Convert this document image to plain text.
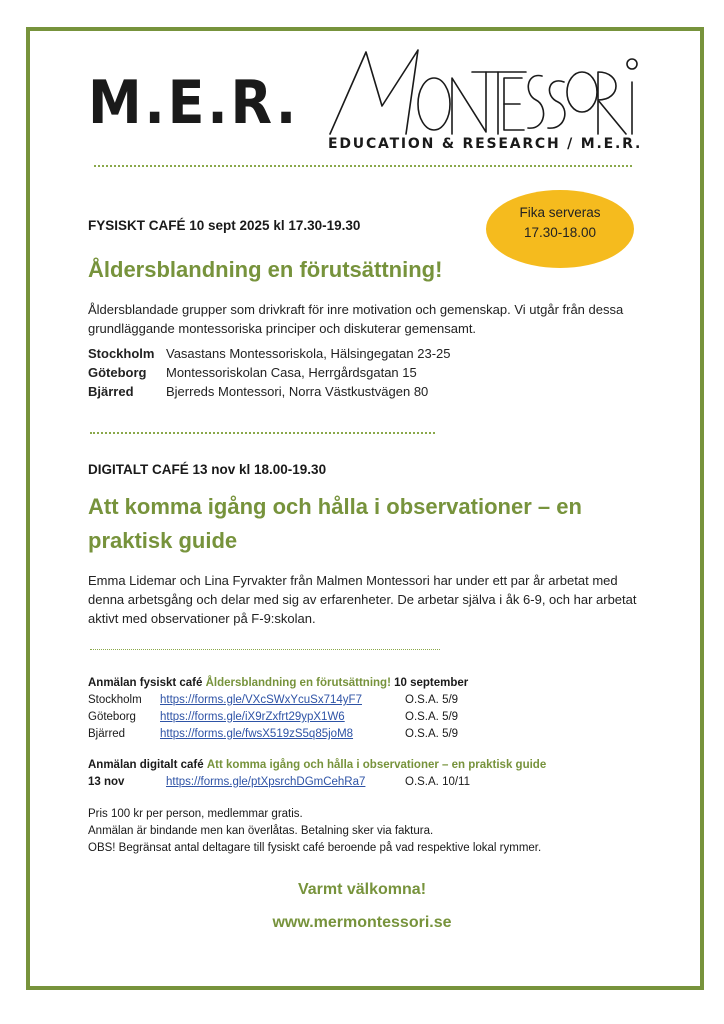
M.E.R.
EDUCATION & RESEARCH / M.E.R.
Fika serveras
17.30-18.00
FYSISKT CAFÉ 10 sept 2025 kl 17.30-19.30
Åldersblandning en förutsättning!
Åldersblandade grupper som drivkraft för inre motivation och gemenskap. Vi utgår från dessa grundläggande montessoriska principer och diskuterar gemensamt.
Stockholm	Vasastans Montessoriskola, Hälsingegatan 23-25
Göteborg	Montessoriskolan Casa, Herrgårdsgatan 15
Bjärred	Bjerreds Montessori, Norra Västkustvägen 80
DIGITALT CAFÉ 13 nov kl 18.00-19.30
Att komma igång och hålla i observationer – en
praktisk guide
Emma Lidemar och Lina Fyrvakter från Malmen Montessori har under ett par år arbetat med denna arbetsgång och delar med sig av erfarenheter. De arbetar själva i åk 6-9, och har arbetat aktivt med observationer på F-9:skolan.
Anmälan fysiskt café Åldersblandning en förutsättning! 10 september
Stockholm https://forms.gle/VXcSWxYcuSx714yF7	O.S.A. 5/9
Göteborg https://forms.gle/iX9rZxfrt29ypX1W6	O.S.A. 5/9
Bjärred	https://forms.gle/fwsX519zS5q85joM8	O.S.A. 5/9
Anmälan digitalt café Att komma igång och hålla i observationer – en praktisk guide
13 nov	https://forms.gle/ptXpsrchDGmCehRa7	O.S.A. 10/11
Pris 100 kr per person, medlemmar gratis.
Anmälan är bindande men kan överlåtas. Betalning sker via faktura.
OBS! Begränsat antal deltagare till fysiskt café beroende på vad respektive lokal rymmer.
Varmt välkomna!
www.mermontessori.se
